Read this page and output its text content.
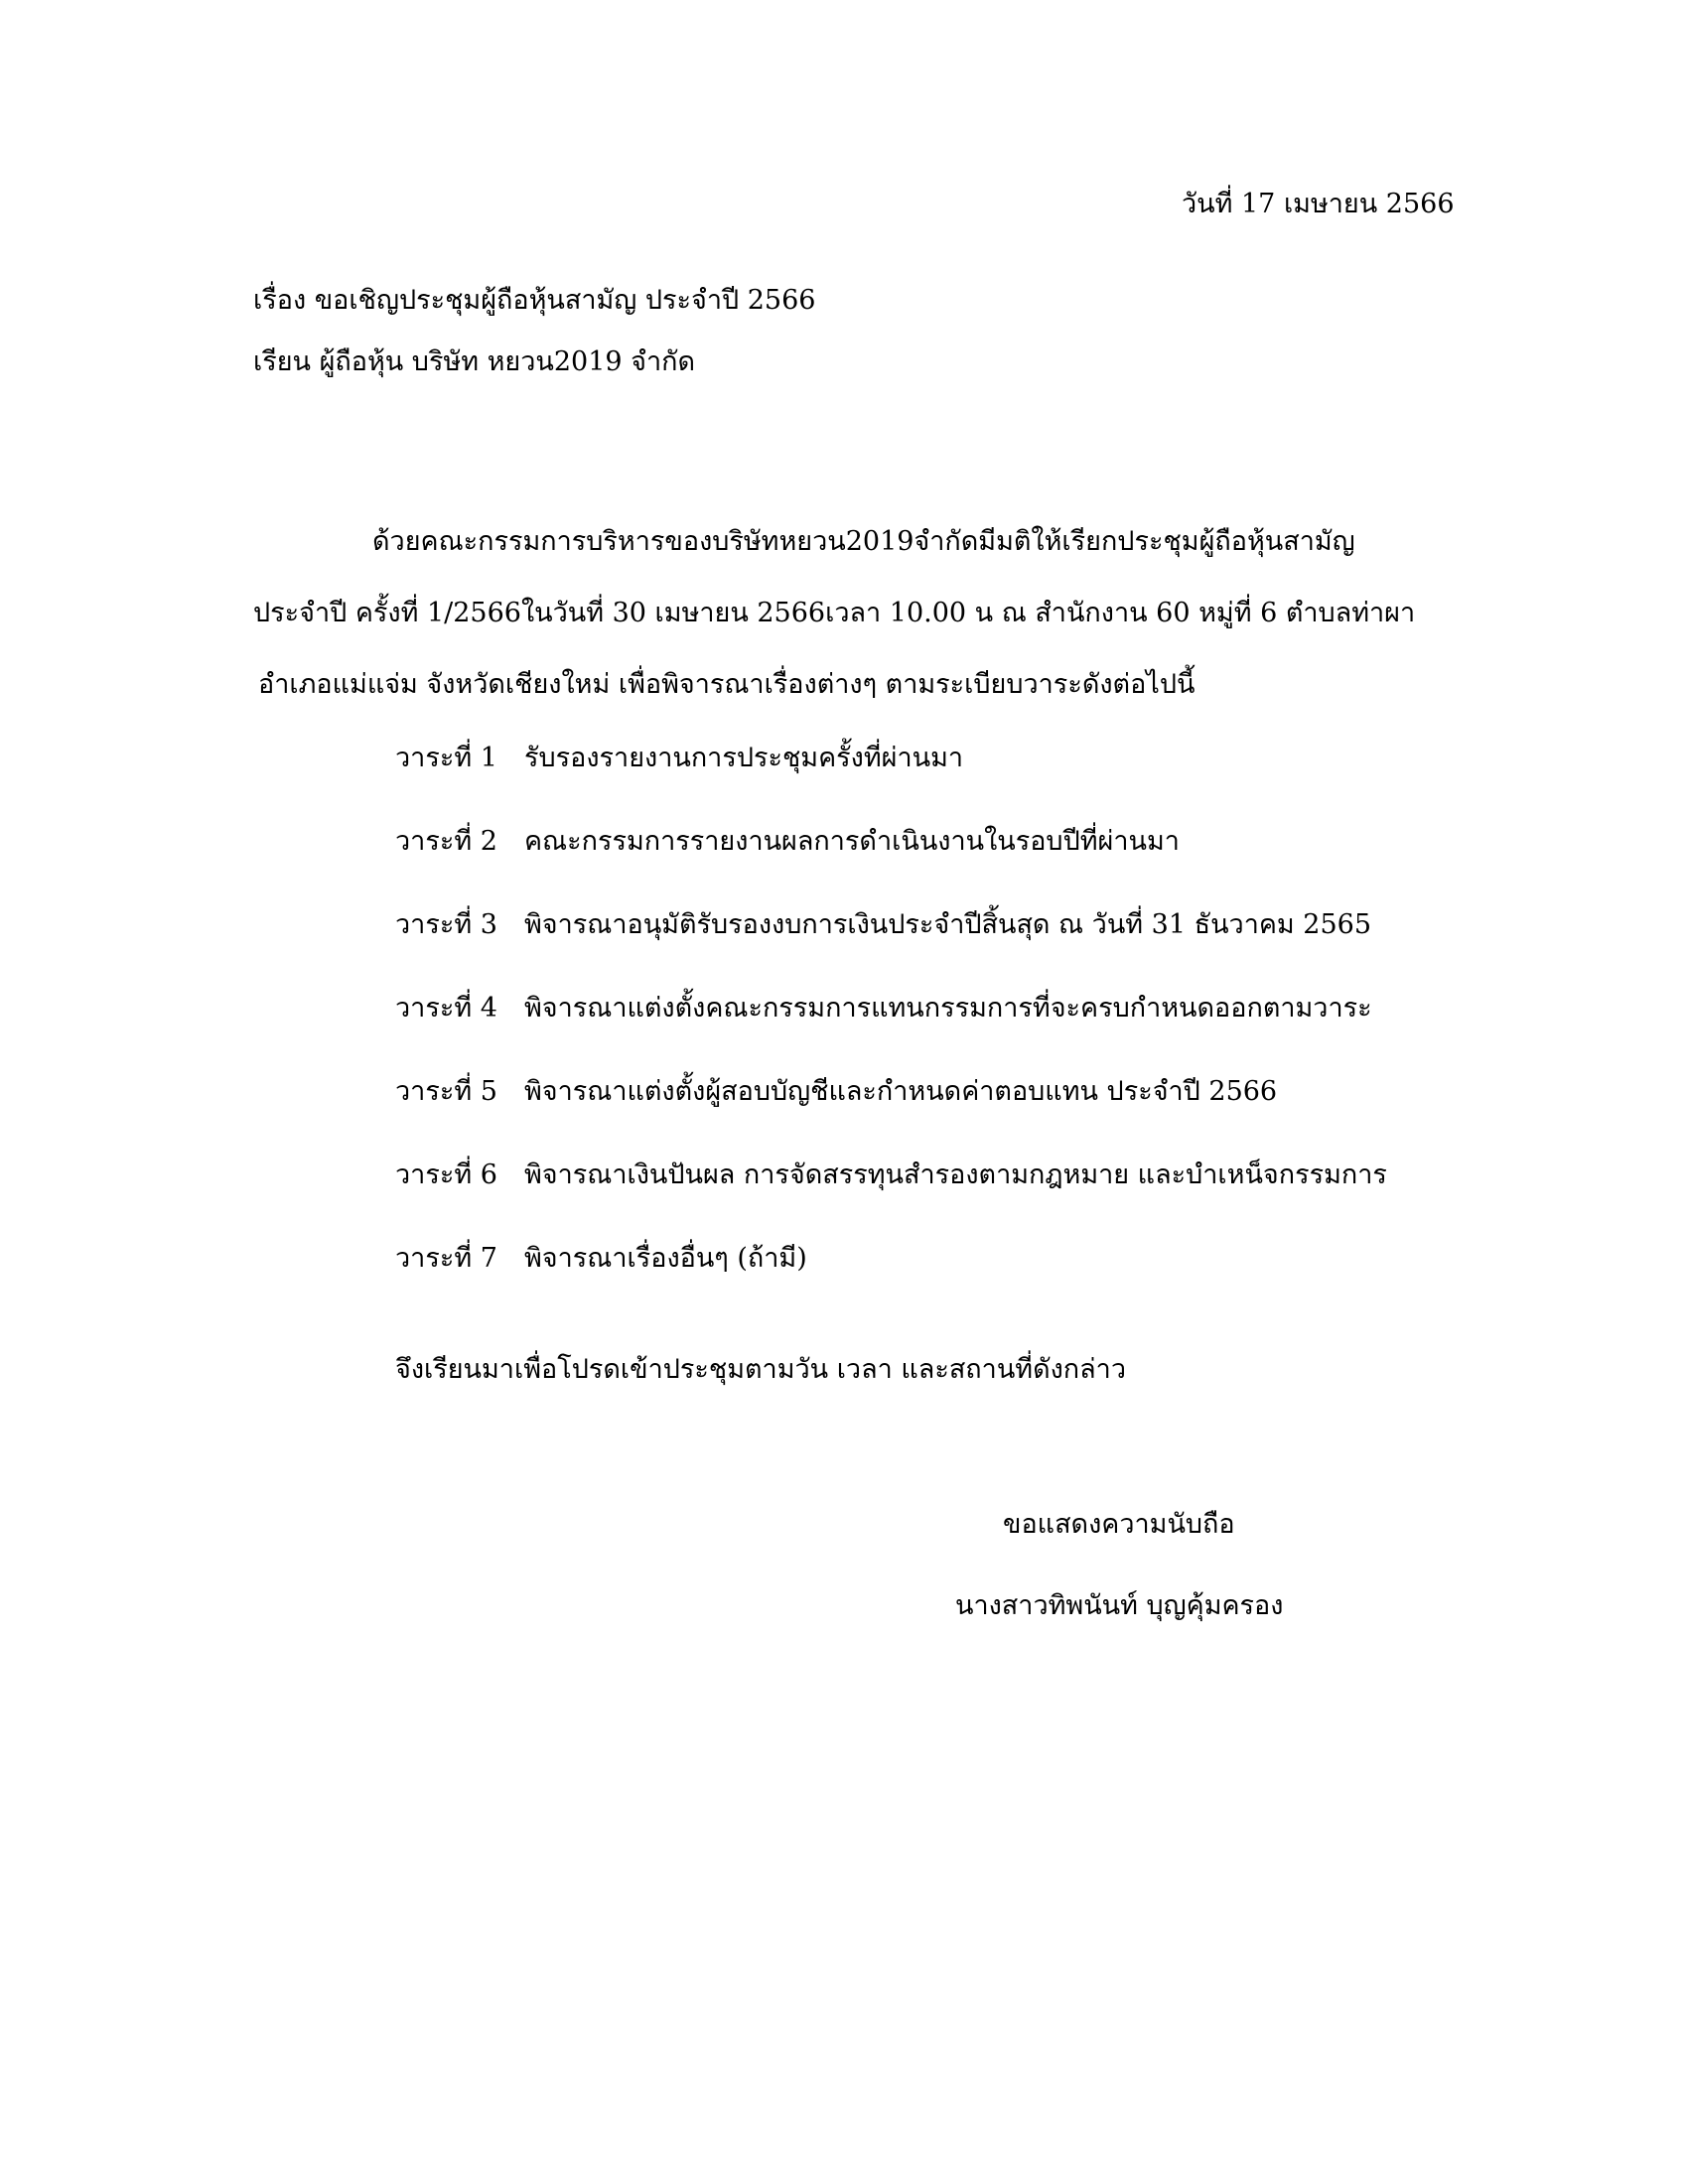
วันที่ 17 เมษายน 2566
เรื่อง ขอเชิญประชุมผู้ถือหุ้นสามัญ ประจำปี 2566
เรียน ผู้ถือหุ้น บริษัท หยวน2019 จำกัด
ด้วยคณะกรรมการบริหารของบริษัทหยวน2019จำกัดมีมติให้เรียกประชุมผู้ถือหุ้นสามัญ
ประจำปี ครั้งที่ 1/2566ในวันที่ 30 เมษายน 2566เวลา 10.00 น ณ สำนักงาน 60 หมู่ที่ 6 ตำบลท่าผา
อำเภอแม่แจ่ม จังหวัดเชียงใหม่ เพื่อพิจารณาเรื่องต่างๆ ตามระเบียบวาระดังต่อไปนี้
วาระที่ 1	รับรองรายงานการประชุมครั้งที่ผ่านมา
วาระที่ 2	คณะกรรมการรายงานผลการดำเนินงานในรอบปีที่ผ่านมา
วาระที่ 3	พิจารณาอนุมัติรับรองงบการเงินประจำปีสิ้นสุด ณ วันที่ 31 ธันวาคม 2565
วาระที่ 4	พิจารณาแต่งตั้งคณะกรรมการแทนกรรมการที่จะครบกำหนดออกตามวาระ
วาระที่ 5	พิจารณาแต่งตั้งผู้สอบบัญชีและกำหนดค่าตอบแทน ประจำปี 2566
วาระที่ 6	พิจารณาเงินปันผล การจัดสรรทุนสำรองตามกฎหมาย และบำเหน็จกรรมการ
วาระที่ 7	พิจารณาเรื่องอื่นๆ (ถ้ามี)
จึงเรียนมาเพื่อโปรดเข้าประชุมตามวัน เวลา และสถานที่ดังกล่าว
ขอแสดงความนับถือ
นางสาวทิพนันท์ บุญคุ้มครอง
